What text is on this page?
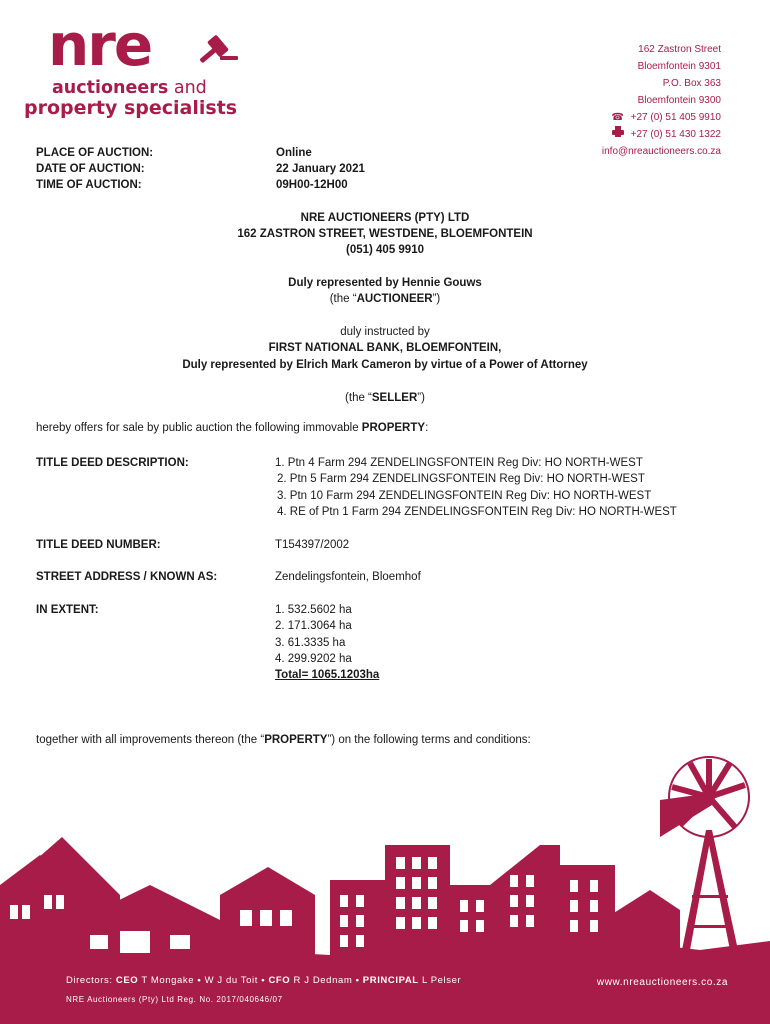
nre
auctioneers and
property specialists
162 Zastron Street
Bloemfontein 9301
P.O. Box 363
Bloemfontein 9300
☎ +27 (0) 51 405 9910
+27 (0) 51 430 1322
info@nreauctioneers.co.za
PLACE OF AUCTION:	Online
DATE OF AUCTION:	22 January 2021
TIME OF AUCTION:	09H00-12H00
NRE AUCTIONEERS (PTY) LTD
162 ZASTRON STREET, WESTDENE, BLOEMFONTEIN
(051) 405 9910
Duly represented by Hennie Gouws
(the “AUCTIONEER”)
duly instructed by
FIRST NATIONAL BANK, BLOEMFONTEIN,
Duly represented by Elrich Mark Cameron by virtue of a Power of Attorney
(the “SELLER”)
hereby offers for sale by public auction the following immovable PROPERTY:
TITLE DEED DESCRIPTION:	1. Ptn 4 Farm 294 ZENDELINGSFONTEIN Reg Div: HO NORTH-WEST
2. Ptn 5 Farm 294 ZENDELINGSFONTEIN Reg Div: HO NORTH-WEST
3. Ptn 10 Farm 294 ZENDELINGSFONTEIN Reg Div: HO NORTH-WEST
4. RE of Ptn 1 Farm 294 ZENDELINGSFONTEIN Reg Div: HO NORTH-WEST
TITLE DEED NUMBER:	T154397/2002
STREET ADDRESS / KNOWN AS:	Zendelingsfontein, Bloemhof
IN EXTENT:	1. 532.5602 ha
2. 171.3064 ha
3. 61.3335 ha
4. 299.9202 ha
Total= 1065.1203ha
together with all improvements thereon (the “PROPERTY”) on the following terms and conditions:
Directors: CEO T Mongake • W J du Toit • CFO R J Dednam • PRINCIPAL L Pelser
NRE Auctioneers (Pty) Ltd Reg. No. 2017/040646/07
www.nreauctioneers.co.za
